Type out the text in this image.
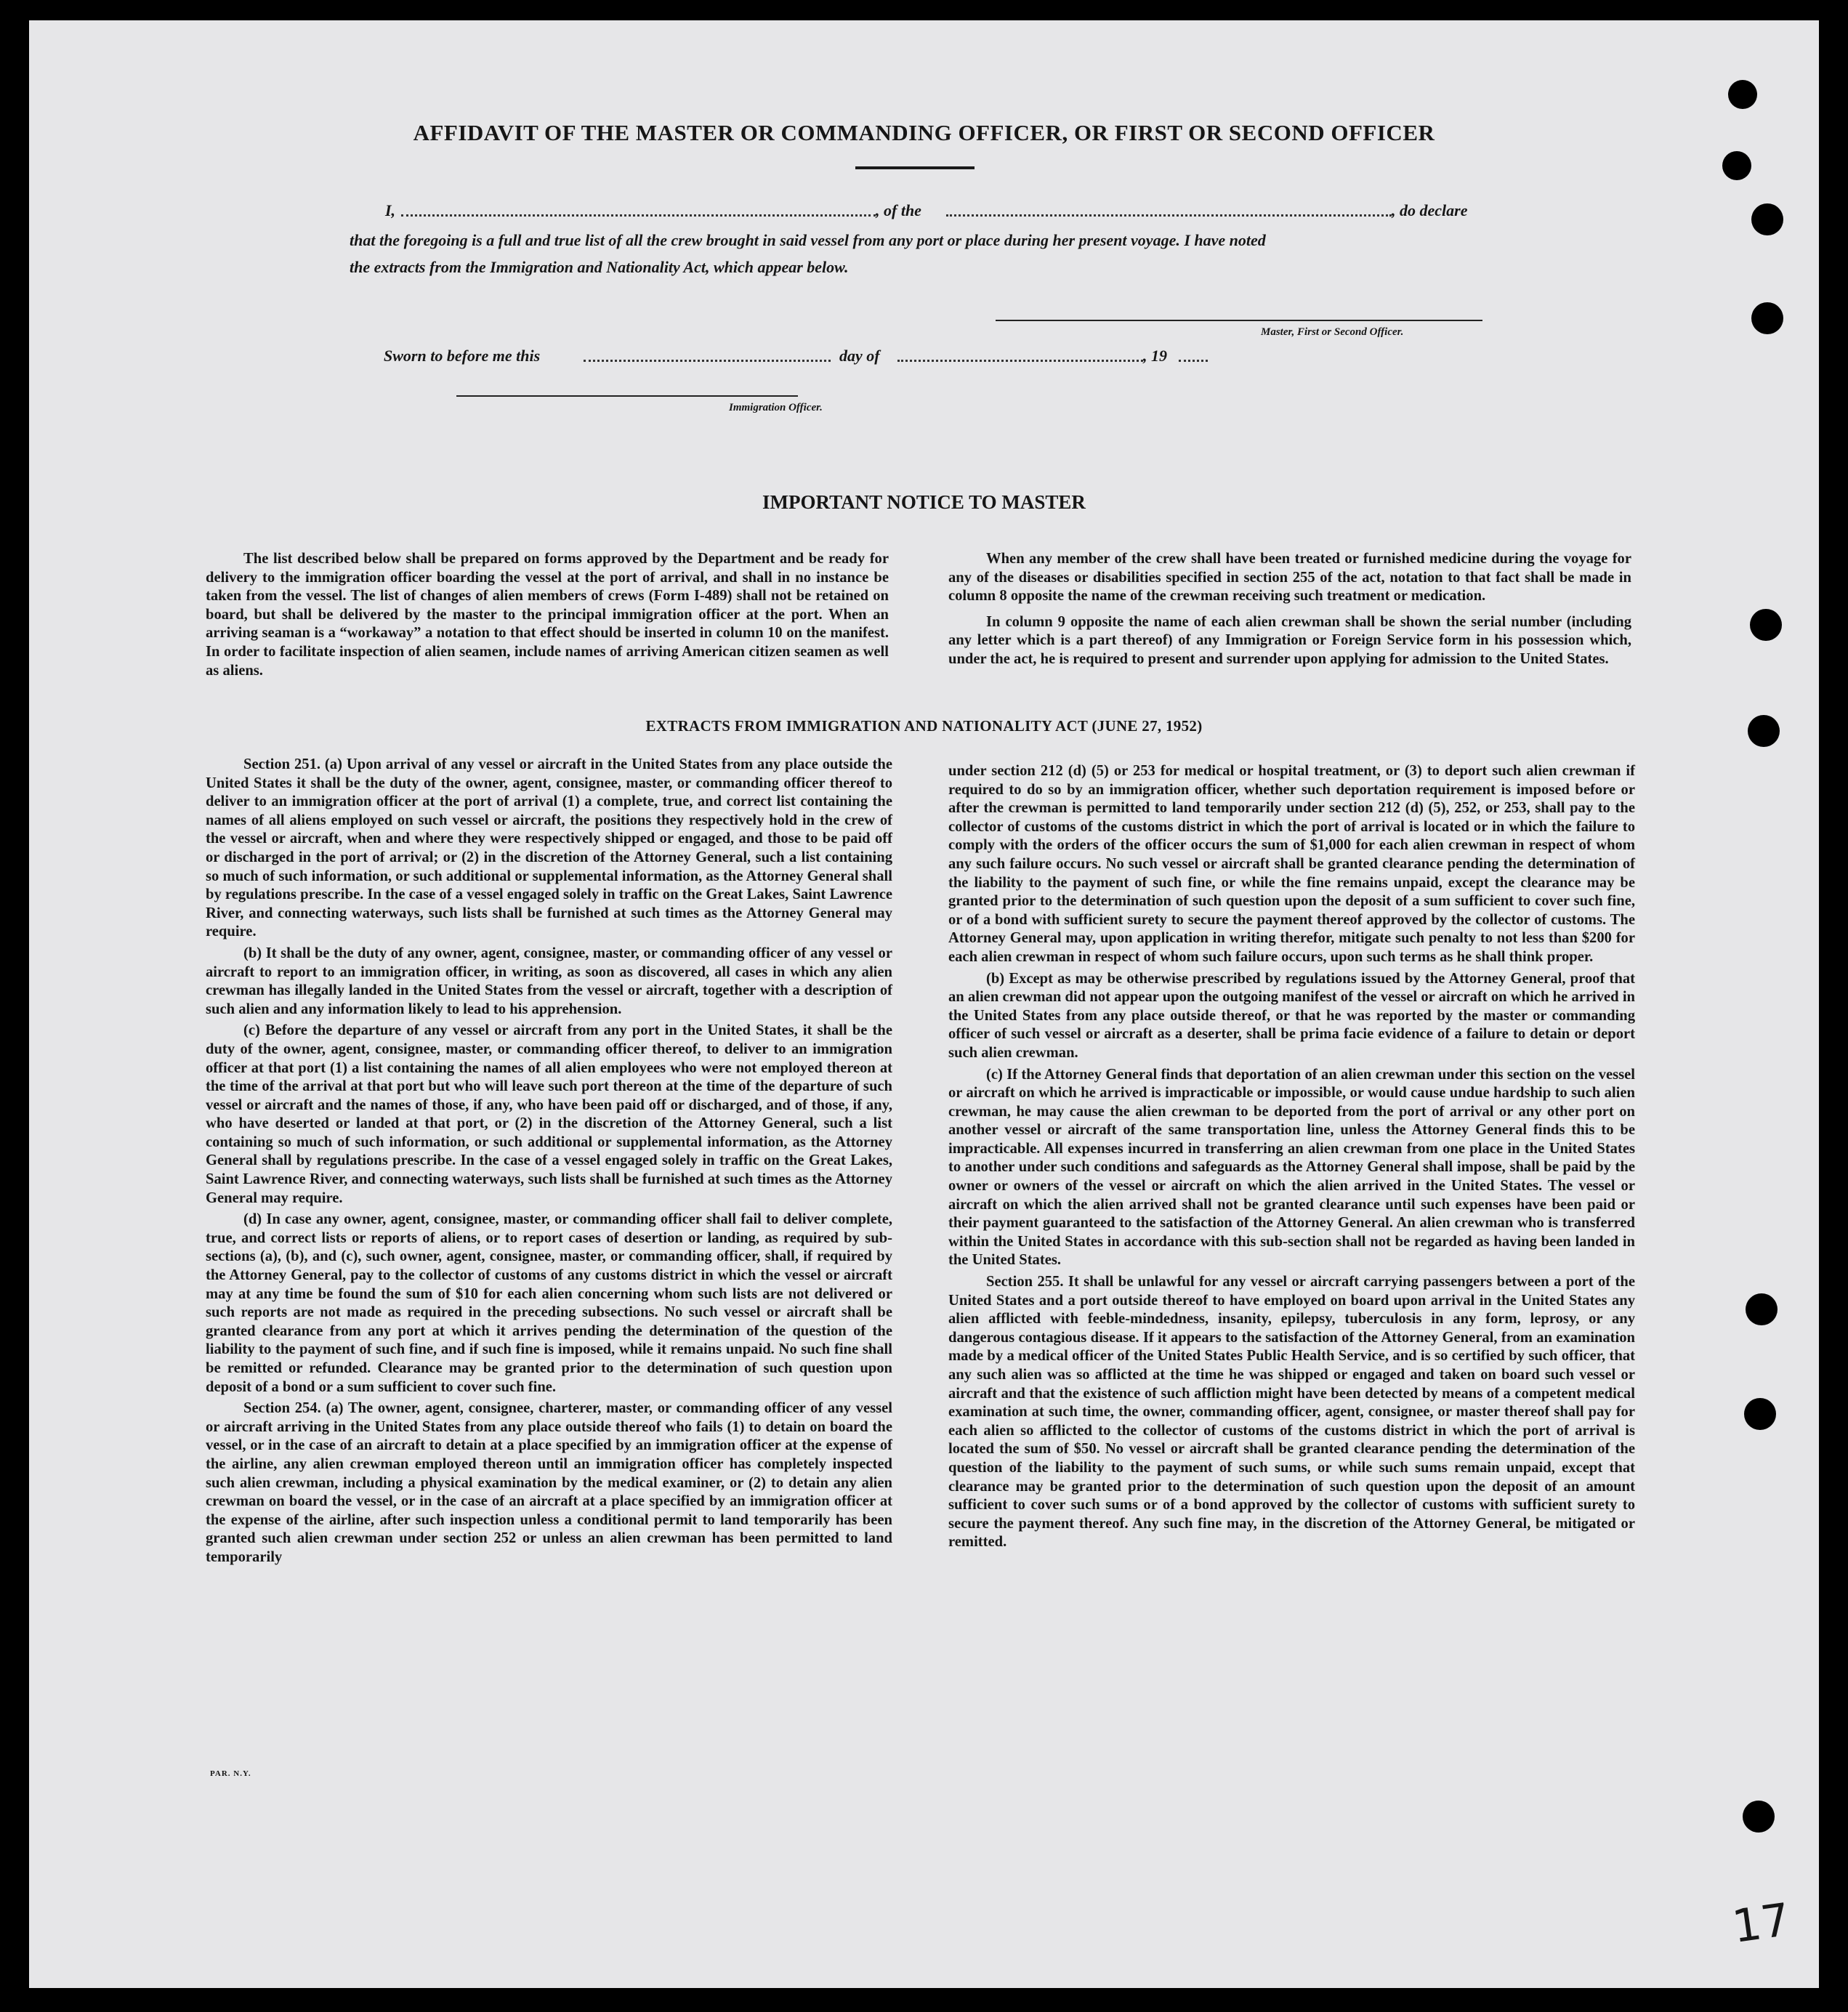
AFFIDAVIT OF THE MASTER OR COMMANDING OFFICER, OR FIRST OR SECOND OFFICER
I,	, of the	, do declare
that the foregoing is a full and true list of all the crew brought in said vessel from any port or place during her present voyage. I have noted
the extracts from the Immigration and Nationality Act, which appear below.
Master, First or Second Officer.
Sworn to before me this	day of	, 19
Immigration Officer.
IMPORTANT NOTICE TO MASTER

The list described below shall be prepared on forms approved by the Department and be ready for delivery to the immigration officer boarding the vessel at the port of arrival, and shall in no instance be taken from the vessel. The list of changes of alien members of crews (Form I-489) shall not be retained on board, but shall be delivered by the master to the principal immigration officer at the port. When an arriving seaman is a “workaway” a notation to that effect should be inserted in column 10 on the manifest. In order to facilitate inspection of alien seamen, include names of arriving American citizen seamen as well as aliens.

When any member of the crew shall have been treated or furnished medicine during the voyage for any of the diseases or disabilities specified in section 255 of the act, notation to that fact shall be made in column 8 opposite the name of the crewman receiving such treatment or medication.

In column 9 opposite the name of each alien crewman shall be shown the serial number (including any letter which is a part thereof) of any Immigration or Foreign Service form in his possession which, under the act, he is required to present and surrender upon applying for admission to the United States.

EXTRACTS FROM IMMIGRATION AND NATIONALITY ACT (JUNE 27, 1952)

Section 251. (a) Upon arrival of any vessel or aircraft in the United States from any place outside the United States it shall be the duty of the owner, agent, consignee, master, or commanding officer thereof to deliver to an immigration officer at the port of arrival (1) a complete, true, and correct list containing the names of all aliens employed on such vessel or aircraft, the positions they respectively hold in the crew of the vessel or aircraft, when and where they were respectively shipped or engaged, and those to be paid off or discharged in the port of arrival; or (2) in the discretion of the Attorney General, such a list containing so much of such information, or such additional or supplemental information, as the Attorney General shall by regulations prescribe. In the case of a vessel engaged solely in traffic on the Great Lakes, Saint Lawrence River, and connecting waterways, such lists shall be furnished at such times as the Attorney General may require.

(b) It shall be the duty of any owner, agent, consignee, master, or commanding officer of any vessel or aircraft to report to an immigration officer, in writing, as soon as discovered, all cases in which any alien crewman has illegally landed in the United States from the vessel or aircraft, together with a description of such alien and any information likely to lead to his apprehension.

(c) Before the departure of any vessel or aircraft from any port in the United States, it shall be the duty of the owner, agent, consignee, master, or commanding officer thereof, to deliver to an immigration officer at that port (1) a list containing the names of all alien employees who were not employed thereon at the time of the arrival at that port but who will leave such port thereon at the time of the departure of such vessel or aircraft and the names of those, if any, who have been paid off or discharged, and of those, if any, who have deserted or landed at that port, or (2) in the discretion of the Attorney General, such a list containing so much of such information, or such additional or supplemental information, as the Attorney General shall by regulations prescribe. In the case of a vessel engaged solely in traffic on the Great Lakes, Saint Lawrence River, and connecting waterways, such lists shall be furnished at such times as the Attorney General may require.

(d) In case any owner, agent, consignee, master, or commanding officer shall fail to deliver complete, true, and correct lists or reports of aliens, or to report cases of desertion or landing, as required by sub-sections (a), (b), and (c), such owner, agent, consignee, master, or commanding officer, shall, if required by the Attorney General, pay to the collector of customs of any customs district in which the vessel or aircraft may at any time be found the sum of $10 for each alien concerning whom such lists are not delivered or such reports are not made as required in the preceding subsections. No such vessel or aircraft shall be granted clearance from any port at which it arrives pending the determination of the question of the liability to the payment of such fine, and if such fine is imposed, while it remains unpaid. No such fine shall be remitted or refunded. Clearance may be granted prior to the determination of such question upon deposit of a bond or a sum sufficient to cover such fine.

Section 254. (a) The owner, agent, consignee, charterer, master, or commanding officer of any vessel or aircraft arriving in the United States from any place outside thereof who fails (1) to detain on board the vessel, or in the case of an aircraft to detain at a place specified by an immigration officer at the expense of the airline, any alien crewman employed thereon until an immigration officer has completely inspected such alien crewman, including a physical examination by the medical examiner, or (2) to detain any alien crewman on board the vessel, or in the case of an aircraft at a place specified by an immigration officer at the expense of the airline, after such inspection unless a conditional permit to land temporarily has been granted such alien crewman under section 252 or unless an alien crewman has been permitted to land temporarily

under section 212 (d) (5) or 253 for medical or hospital treatment, or (3) to deport such alien crewman if required to do so by an immigration officer, whether such deportation requirement is imposed before or after the crewman is permitted to land temporarily under section 212 (d) (5), 252, or 253, shall pay to the collector of customs of the customs district in which the port of arrival is located or in which the failure to comply with the orders of the officer occurs the sum of $1,000 for each alien crewman in respect of whom any such failure occurs. No such vessel or aircraft shall be granted clearance pending the determination of the liability to the payment of such fine, or while the fine remains unpaid, except the clearance may be granted prior to the determination of such question upon the deposit of a sum sufficient to cover such fine, or of a bond with sufficient surety to secure the payment thereof approved by the collector of customs. The Attorney General may, upon application in writing therefor, mitigate such penalty to not less than $200 for each alien crewman in respect of whom such failure occurs, upon such terms as he shall think proper.

(b) Except as may be otherwise prescribed by regulations issued by the Attorney General, proof that an alien crewman did not appear upon the outgoing manifest of the vessel or aircraft on which he arrived in the United States from any place outside thereof, or that he was reported by the master or commanding officer of such vessel or aircraft as a deserter, shall be prima facie evidence of a failure to detain or deport such alien crewman.

(c) If the Attorney General finds that deportation of an alien crewman under this section on the vessel or aircraft on which he arrived is impracticable or impossible, or would cause undue hardship to such alien crewman, he may cause the alien crewman to be deported from the port of arrival or any other port on another vessel or aircraft of the same transportation line, unless the Attorney General finds this to be impracticable. All expenses incurred in transferring an alien crewman from one place in the United States to another under such conditions and safeguards as the Attorney General shall impose, shall be paid by the owner or owners of the vessel or aircraft on which the alien arrived in the United States. The vessel or aircraft on which the alien arrived shall not be granted clearance until such expenses have been paid or their payment guaranteed to the satisfaction of the Attorney General. An alien crewman who is transferred within the United States in accordance with this sub-section shall not be regarded as having been landed in the United States.

Section 255. It shall be unlawful for any vessel or aircraft carrying passengers between a port of the United States and a port outside thereof to have employed on board upon arrival in the United States any alien afflicted with feeble-mindedness, insanity, epilepsy, tuberculosis in any form, leprosy, or any dangerous contagious disease. If it appears to the satisfaction of the Attorney General, from an examination made by a medical officer of the United States Public Health Service, and is so certified by such officer, that any such alien was so afflicted at the time he was shipped or engaged and taken on board such vessel or aircraft and that the existence of such affliction might have been detected by means of a competent medical examination at such time, the owner, commanding officer, agent, consignee, or master thereof shall pay for each alien so afflicted to the collector of customs of the customs district in which the port of arrival is located the sum of $50. No vessel or aircraft shall be granted clearance pending the determination of the question of the liability to the payment of such sums, or while such sums remain unpaid, except that clearance may be granted prior to the determination of such question upon the deposit of an amount sufficient to cover such sums or of a bond approved by the collector of customs with sufficient surety to secure the payment thereof. Any such fine may, in the discretion of the Attorney General, be mitigated or remitted.

PAR. N.Y.
17
